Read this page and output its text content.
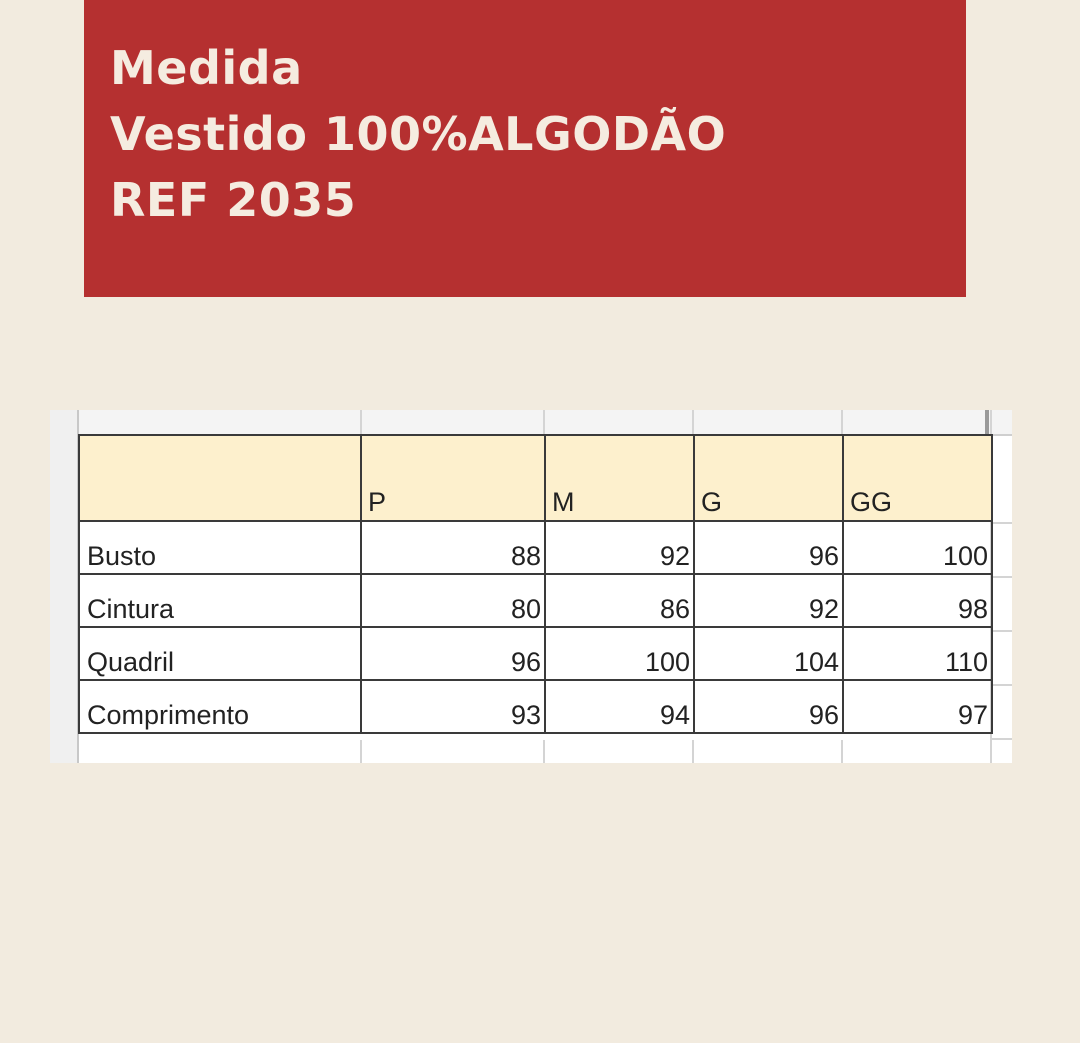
Medida
Vestido 100%ALGODÃO
REF 2035
	P	M	G	GG
Busto	88	92	96	100
Cintura	80	86	92	98
Quadril	96	100	104	110
Comprimento	93	94	96	97
